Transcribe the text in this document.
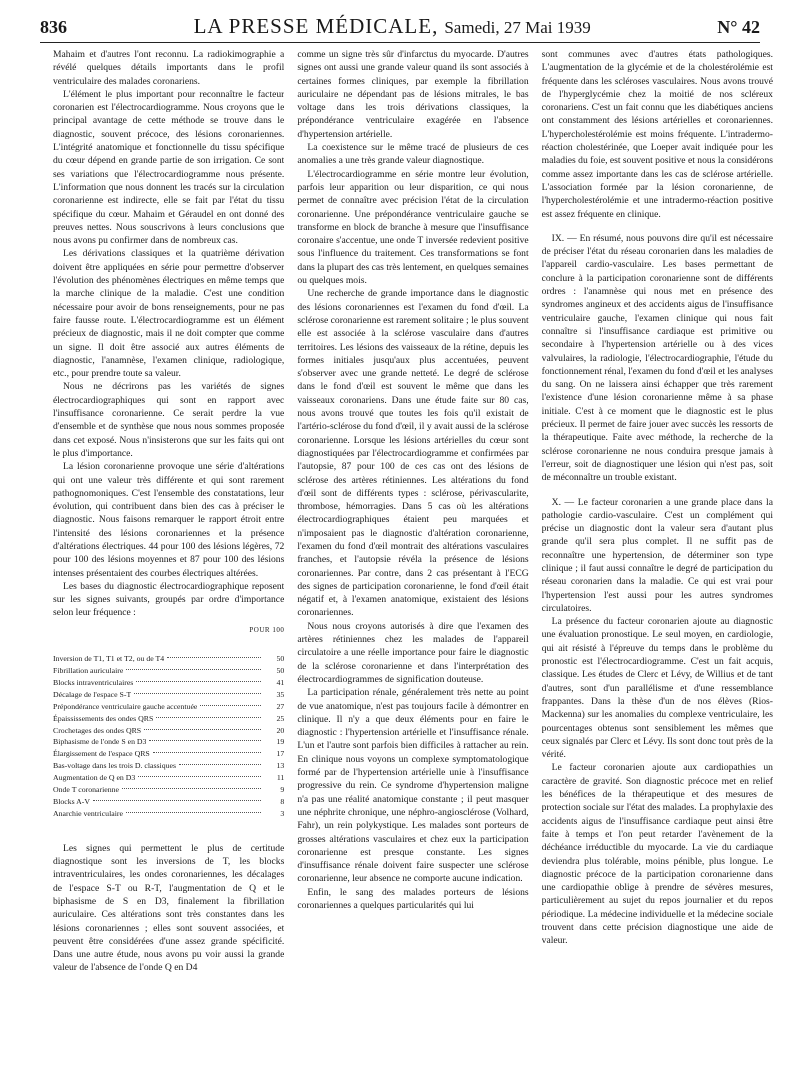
836	LA PRESSE MÉDICALE, Samedi, 27 Mai 1939	N° 42

Mahaim et d'autres l'ont reconnu. La radiokimographie a révélé quelques détails importants dans le profil ventriculaire des malades coronariens.

L'élément le plus important pour reconnaître le facteur coronarien est l'électrocardiogramme. Nous croyons que le principal avantage de cette méthode se trouve dans le diagnostic, souvent précoce, des lésions coronariennes. L'intégrité anatomique et fonctionnelle du tissu spécifique du cœur dépend en grande partie de son irrigation. Ce sont ses variations que l'électrocardiogramme nous présente. L'information que nous donnent les tracés sur la circulation coronarienne est indirecte, elle se fait par l'état du tissu spécifique du cœur. Mahaim et Géraudel en ont donné des preuves nettes. Nous souscrivons à leurs conclusions que nous avons pu confirmer dans de nombreux cas.

Les dérivations classiques et la quatrième dérivation doivent être appliquées en série pour permettre d'observer l'évolution des phénomènes électriques en même temps que la marche clinique de la maladie. C'est une condition nécessaire pour avoir de bons renseignements, pour ne pas faire fausse route. L'électrocardiogramme est un élément précieux de diagnostic, mais il ne doit compter que comme un signe. Il doit être associé aux autres éléments de diagnostic, l'anamnèse, l'examen clinique, radiologique, etc., pour prendre toute sa valeur.

Nous ne décrirons pas les variétés de signes électrocardiographiques qui sont en rapport avec l'insuffisance coronarienne. Ce serait perdre la vue d'ensemble et de synthèse que nous nous sommes proposée dans cet exposé. Nous n'insisterons que sur les faits qui ont le plus d'importance.

La lésion coronarienne provoque une série d'altérations qui ont une valeur très différente et qui sont rarement pathognomoniques. C'est l'ensemble des constatations, leur évolution, qui contribuent dans bien des cas à préciser le diagnostic. Nous faisons remarquer le rapport étroit entre l'intensité des lésions coronariennes et la présence d'altérations électriques. 44 pour 100 des lésions légères, 72 pour 100 des lésions moyennes et 87 pour 100 des lésions intenses présentaient des courbes électriques altérées.

Les bases du diagnostic électrocardiographique reposent sur les signes suivants, groupés par ordre d'importance selon leur fréquence :

POUR 100
Inversion de T1, T1 et T2, ou de T4	50
Fibrillation auriculaire	50
Blocks intraventriculaires	41
Décalage de l'espace S-T	35
Prépondérance ventriculaire gauche accentuée	27
Épaississements des ondes QRS	25
Crochetages des ondes QRS	20
Biphasisme de l'onde S en D3	19
Élargissement de l'espace QRS	17
Bas-voltage dans les trois D. classiques	13
Augmentation de Q en D3	11
Onde T coronarienne	9
Blocks A-V	8
Anarchie ventriculaire	3

Les signes qui permettent le plus de certitude diagnostique sont les inversions de T, les blocks intraventriculaires, les ondes coronariennes, les décalages de l'espace S-T ou R-T, l'augmentation de Q et le biphasisme de S en D3, finalement la fibrillation auriculaire. Ces altérations sont très constantes dans les lésions coronariennes ; elles sont souvent associées, et peuvent être considérées d'une assez grande spécificité. Dans une autre étude, nous avons pu voir aussi la grande valeur de l'absence de l'onde Q en D4

comme un signe très sûr d'infarctus du myocarde. D'autres signes ont aussi une grande valeur quand ils sont associés à certaines formes cliniques, par exemple la fibrillation auriculaire ne dépendant pas de lésions mitrales, le bas voltage dans les trois dérivations classiques, la prépondérance ventriculaire exagérée en l'absence d'hypertension artérielle.

La coexistence sur le même tracé de plusieurs de ces anomalies a une très grande valeur diagnostique.

L'électrocardiogramme en série montre leur évolution, parfois leur apparition ou leur disparition, ce qui nous permet de connaître avec précision l'état de la circulation coronarienne. Une prépondérance ventriculaire gauche se transforme en block de branche à mesure que l'insuffisance coronaire s'accentue, une onde T inversée redevient positive sous l'influence du traitement. Ces transformations se font dans la plupart des cas très lentement, en quelques semaines ou quelques mois.

Une recherche de grande importance dans le diagnostic des lésions coronariennes est l'examen du fond d'œil. La sclérose coronarienne est rarement solitaire ; le plus souvent elle est associée à la sclérose vasculaire dans d'autres territoires. Les lésions des vaisseaux de la rétine, depuis les formes initiales jusqu'aux plus accentuées, peuvent s'observer avec une grande netteté. Le degré de sclérose dans le fond d'œil est souvent le même que dans les vaisseaux coronariens. Dans une étude faite sur 80 cas, nous avons trouvé que toutes les fois qu'il existait de l'artério-sclérose du fond d'œil, il y avait aussi de la sclérose coronarienne. Lorsque les lésions artérielles du cœur sont diagnostiquées par l'électrocardiogramme et confirmées par l'autopsie, 87 pour 100 de ces cas ont des lésions de sclérose des artères rétiniennes. Les altérations du fond d'œil sont de différents types : sclérose, périvascularite, thrombose, hémorragies. Dans 5 cas où les altérations électrocardiographiques étaient peu marquées et n'imposaient pas le diagnostic d'altération coronarienne, l'examen du fond d'œil montrait des altérations vasculaires franches, et l'autopsie révéla la présence de lésions coronariennes. Par contre, dans 2 cas présentant à l'ECG des signes de participation coronarienne, le fond d'œil était négatif et, à l'examen anatomique, existaient des lésions coronariennes.

Nous nous croyons autorisés à dire que l'examen des artères rétiniennes chez les malades de l'appareil circulatoire a une réelle importance pour faire le diagnostic de la sclérose coronarienne et dans l'interprétation des électrocardiogrammes de signification douteuse.

La participation rénale, généralement très nette au point de vue anatomique, n'est pas toujours facile à démontrer en clinique. Il n'y a que deux éléments pour en faire le diagnostic : l'hypertension artérielle et l'insuffisance rénale. L'un et l'autre sont parfois bien difficiles à rattacher au rein. En clinique nous voyons un complexe symptomatologique formé par de l'hypertension artérielle unie à l'insuffisance progressive du rein. Ce syndrome d'hypertension maligne n'a pas une réalité anatomique constante ; il peut masquer une néphrite chronique, une néphro-angiosclérose (Volhard, Fahr), un rein polykystique. Les malades sont porteurs de grosses altérations vasculaires et chez eux la participation coronarienne est presque constante. Les signes d'insuffisance rénale doivent faire suspecter une sclérose coronarienne, leur absence ne comporte aucune indication.

Enfin, le sang des malades porteurs de lésions coronariennes a quelques particularités qui lui

sont communes avec d'autres états pathologiques. L'augmentation de la glycémie et de la cholestérolémie est fréquente dans les scléroses vasculaires. Nous avons trouvé de l'hyperglycémie chez la moitié de nos scléreux coronariens. C'est un fait connu que les diabétiques anciens ont constamment des lésions artérielles et coronariennes. L'hypercholestérolémie est moins fréquente. L'intradermo-réaction cholestérinée, que Loeper avait indiquée pour les maladies du foie, est souvent positive et nous la considérons comme assez importante dans les cas de sclérose artérielle. L'association formée par la lésion coronarienne, de l'hypercholestérolémie et une intradermo-réaction positive est assez fréquente en clinique.

IX. — En résumé, nous pouvons dire qu'il est nécessaire de préciser l'état du réseau coronarien dans les maladies de l'appareil cardio-vasculaire. Les bases permettant de conclure à la participation coronarienne sont de différents ordres : l'anamnèse qui nous met en présence des syndromes angineux et des accidents aigus de l'insuffisance ventriculaire gauche, l'examen clinique qui nous fait connaître si l'insuffisance cardiaque est primitive ou secondaire à l'hypertension artérielle ou à des vices valvulaires, la radiologie, l'électrocardiographie, l'étude du fonctionnement rénal, l'examen du fond d'œil et les analyses du sang. On ne laissera ainsi échapper que très rarement l'existence d'une lésion coronarienne même à sa phase initiale. C'est à ce moment que le diagnostic est le plus précieux. Il permet de faire jouer avec succès les ressorts de la thérapeutique. Faite avec méthode, la recherche de la sclérose coronarienne ne nous conduira presque jamais à l'erreur, soit de diagnostiquer une lésion qui n'est pas, soit de méconnaître un trouble existant.

X. — Le facteur coronarien a une grande place dans la pathologie cardio-vasculaire. C'est un complément qui précise un diagnostic dont la valeur sera d'autant plus grande qu'il sera plus complet. Il ne suffit pas de reconnaître une hypertension, de déterminer son type clinique ; il faut aussi connaître le degré de participation du réseau coronarien dans la maladie. Ce qui est vrai pour l'hypertension l'est aussi pour les autres syndromes circulatoires.

La présence du facteur coronarien ajoute au diagnostic une évaluation pronostique. Le seul moyen, en cardiologie, qui ait résisté à l'épreuve du temps dans le problème du pronostic est l'électrocardiogramme. C'est un fait acquis, classique. Les études de Clerc et Lévy, de Willius et de tant d'autres, sont d'un parallélisme et d'une ressemblance frappantes. Dans la thèse d'un de nos élèves (Rios-Mackenna) sur les anomalies du complexe ventriculaire, les pourcentages obtenus sont sensiblement les mêmes que ceux signalés par Clerc et Lévy. Ils sont donc tout près de la vérité.

Le facteur coronarien ajoute aux cardiopathies un caractère de gravité. Son diagnostic précoce met en relief les bénéfices de la thérapeutique et des mesures de protection sociale sur l'état des malades. La prophylaxie des accidents aigus de l'insuffisance cardiaque peut ainsi être faite à temps et l'on peut retarder l'avènement de la déchéance irréductible du myocarde. La vie du cardiaque deviendra plus tolérable, moins pénible, plus longue. Le diagnostic précoce de la participation coronarienne dans une cardiopathie oblige à prendre de sévères mesures, particulièrement au sujet du repos journalier et du repos périodique. La médecine individuelle et la médecine sociale trouvent dans cette précision diagnostique une aide de valeur.
